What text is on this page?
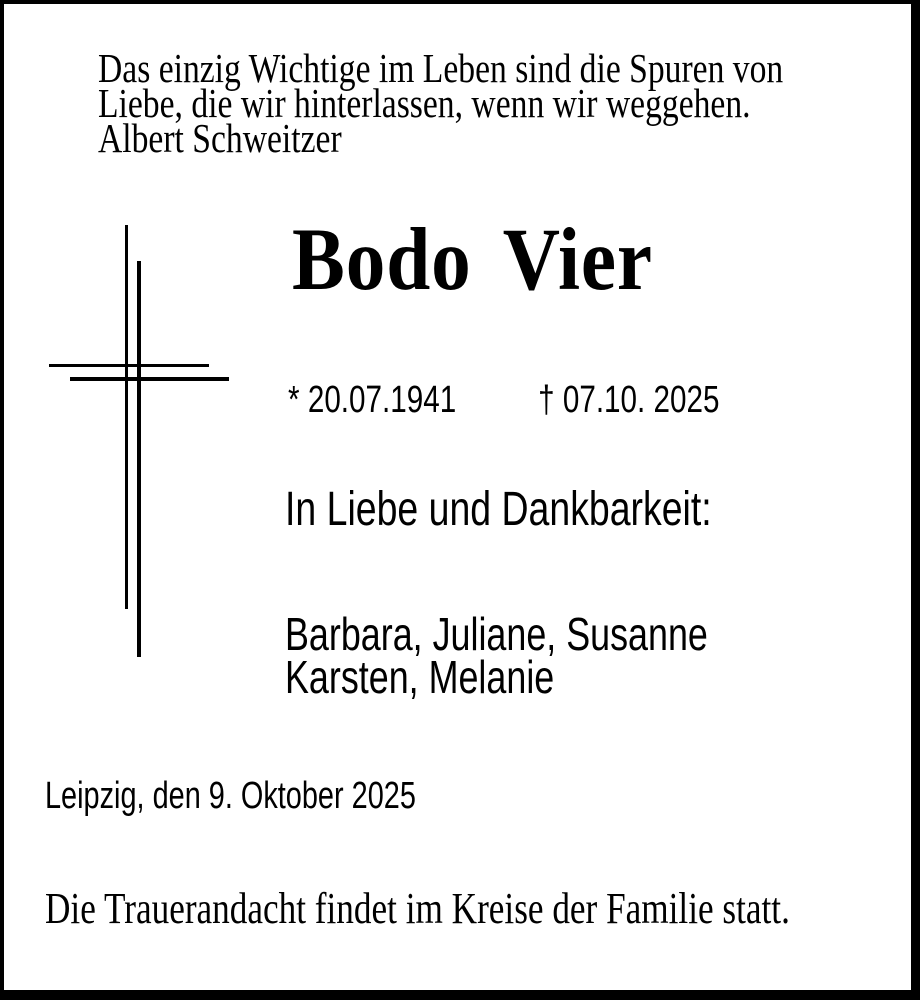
Das einzig Wichtige im Leben sind die Spuren von
Liebe, die wir hinterlassen, wenn wir weggehen.
Albert Schweitzer
Bodo Vier
* 20.07.1941 † 07.10. 2025
In Liebe und Dankbarkeit:
Barbara, Juliane, Susanne
Karsten, Melanie
Leipzig, den 9. Oktober 2025
Die Trauerandacht findet im Kreise der Familie statt.
